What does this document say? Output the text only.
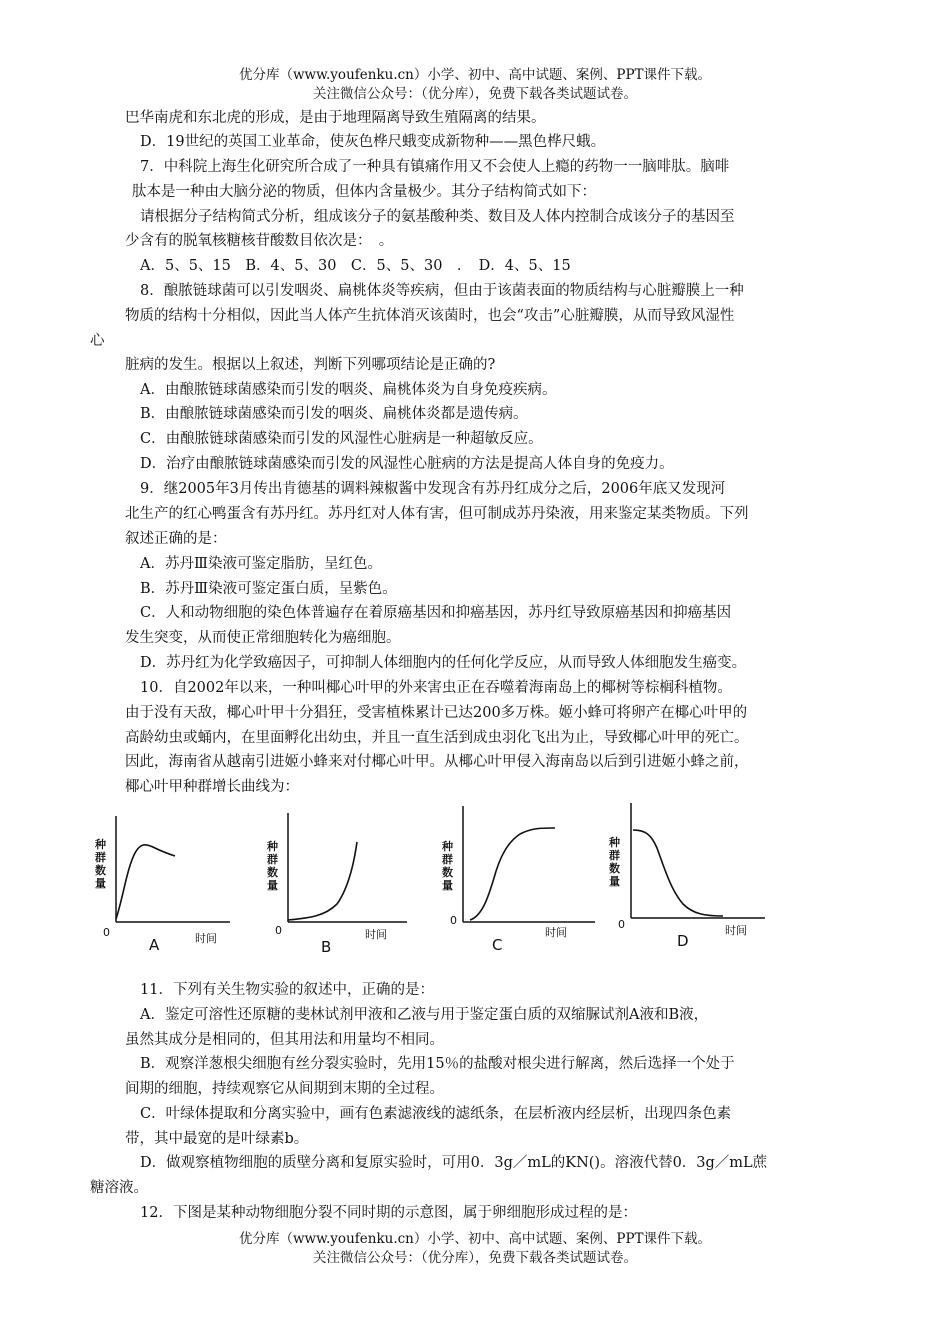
优分库（www.youfenku.cn）小学、初中、高中试题、案例、PPT课件下载。
关注微信公众号：（优分库），免费下载各类试题试卷。
巴华南虎和东北虎的形成，是由于地理隔离导致生殖隔离的结果。
D．19世纪的英国工业革命，使灰色桦尺蛾变成新物种——黑色桦尺蛾。
7．中科院上海生化研究所合成了一种具有镇痛作用又不会使人上瘾的药物一一脑啡肽。脑啡
肽本是一种由大脑分泌的物质，但体内含量极少。其分子结构简式如下：
请根据分子结构简式分析，组成该分子的氨基酸种类、数目及人体内控制合成该分子的基因至
少含有的脱氧核糖核苷酸数目依次是：　。
A．5、5、15　B．4、5、30　C．5、5、30　．　D．4、5、15
8．酿脓链球菌可以引发咽炎、扁桃体炎等疾病，但由于该菌表面的物质结构与心脏瓣膜上一种
物质的结构十分相似，因此当人体产生抗体消灭该菌时，也会“攻击”心脏瓣膜，从而导致风湿性
心
脏病的发生。根据以上叙述，判断下列哪项结论是正确的?
A．由酿脓链球菌感染而引发的咽炎、扁桃体炎为自身免疫疾病。
B．由酿脓链球菌感染而引发的咽炎、扁桃体炎都是遗传病。
C．由酿脓链球菌感染而引发的风湿性心脏病是一种超敏反应。
D．治疗由酿脓链球菌感染而引发的风湿性心脏病的方法是提高人体自身的免疫力。
9．继2005年3月传出肯德基的调料辣椒酱中发现含有苏丹红成分之后，2006年底又发现河
北生产的红心鸭蛋含有苏丹红。苏丹红对人体有害，但可制成苏丹染液，用来鉴定某类物质。下列
叙述正确的是：
A．苏丹Ⅲ染液可鉴定脂肪，呈红色。
B．苏丹Ⅲ染液可鉴定蛋白质，呈紫色。
C．人和动物细胞的染色体普遍存在着原癌基因和抑癌基因，苏丹红导致原癌基因和抑癌基因
发生突变，从而使正常细胞转化为癌细胞。
D．苏丹红为化学致癌因子，可抑制人体细胞内的任何化学反应，从而导致人体细胞发生癌变。
10．自2002年以来，一种叫椰心叶甲的外来害虫正在吞噬着海南岛上的椰树等棕榈科植物。
由于没有天敌，椰心叶甲十分猖狂，受害植株累计已达200多万株。姬小蜂可将卵产在椰心叶甲的
高龄幼虫或蛹内，在里面孵化出幼虫，并且一直生活到成虫羽化飞出为止，导致椰心叶甲的死亡。
因此，海南省从越南引进姬小蜂来对付椰心叶甲。从椰心叶甲侵入海南岛以后到引进姬小蜂之前，
椰心叶甲种群增长曲线为：
11．下列有关生物实验的叙述中，正确的是：
A．鉴定可溶性还原糖的斐林试剂甲液和乙液与用于鉴定蛋白质的双缩脲试剂A液和B液，
虽然其成分是相同的，但其用法和用量均不相同。
B．观察洋葱根尖细胞有丝分裂实验时，先用15％的盐酸对根尖进行解离，然后选择一个处于
间期的细胞，持续观察它从间期到末期的全过程。
C．叶绿体提取和分离实验中，画有色素滤液线的滤纸条，在层析液内经层析，出现四条色素
带，其中最宽的是叶绿素b。
D．做观察植物细胞的质壁分离和复原实验时，可用0．3g／mL的KN()。溶液代替0．3g／mL蔗
糖溶液。
12．下图是某种动物细胞分裂不同时期的示意图，属于卵细胞形成过程的是：
种群数量
0
A	时间
种群数量
0
B
时间
种群数量
0
C
时间
种群数量
0
D
时间
优分库（www.youfenku.cn）小学、初中、高中试题、案例、PPT课件下载。
关注微信公众号：（优分库），免费下载各类试题试卷。
